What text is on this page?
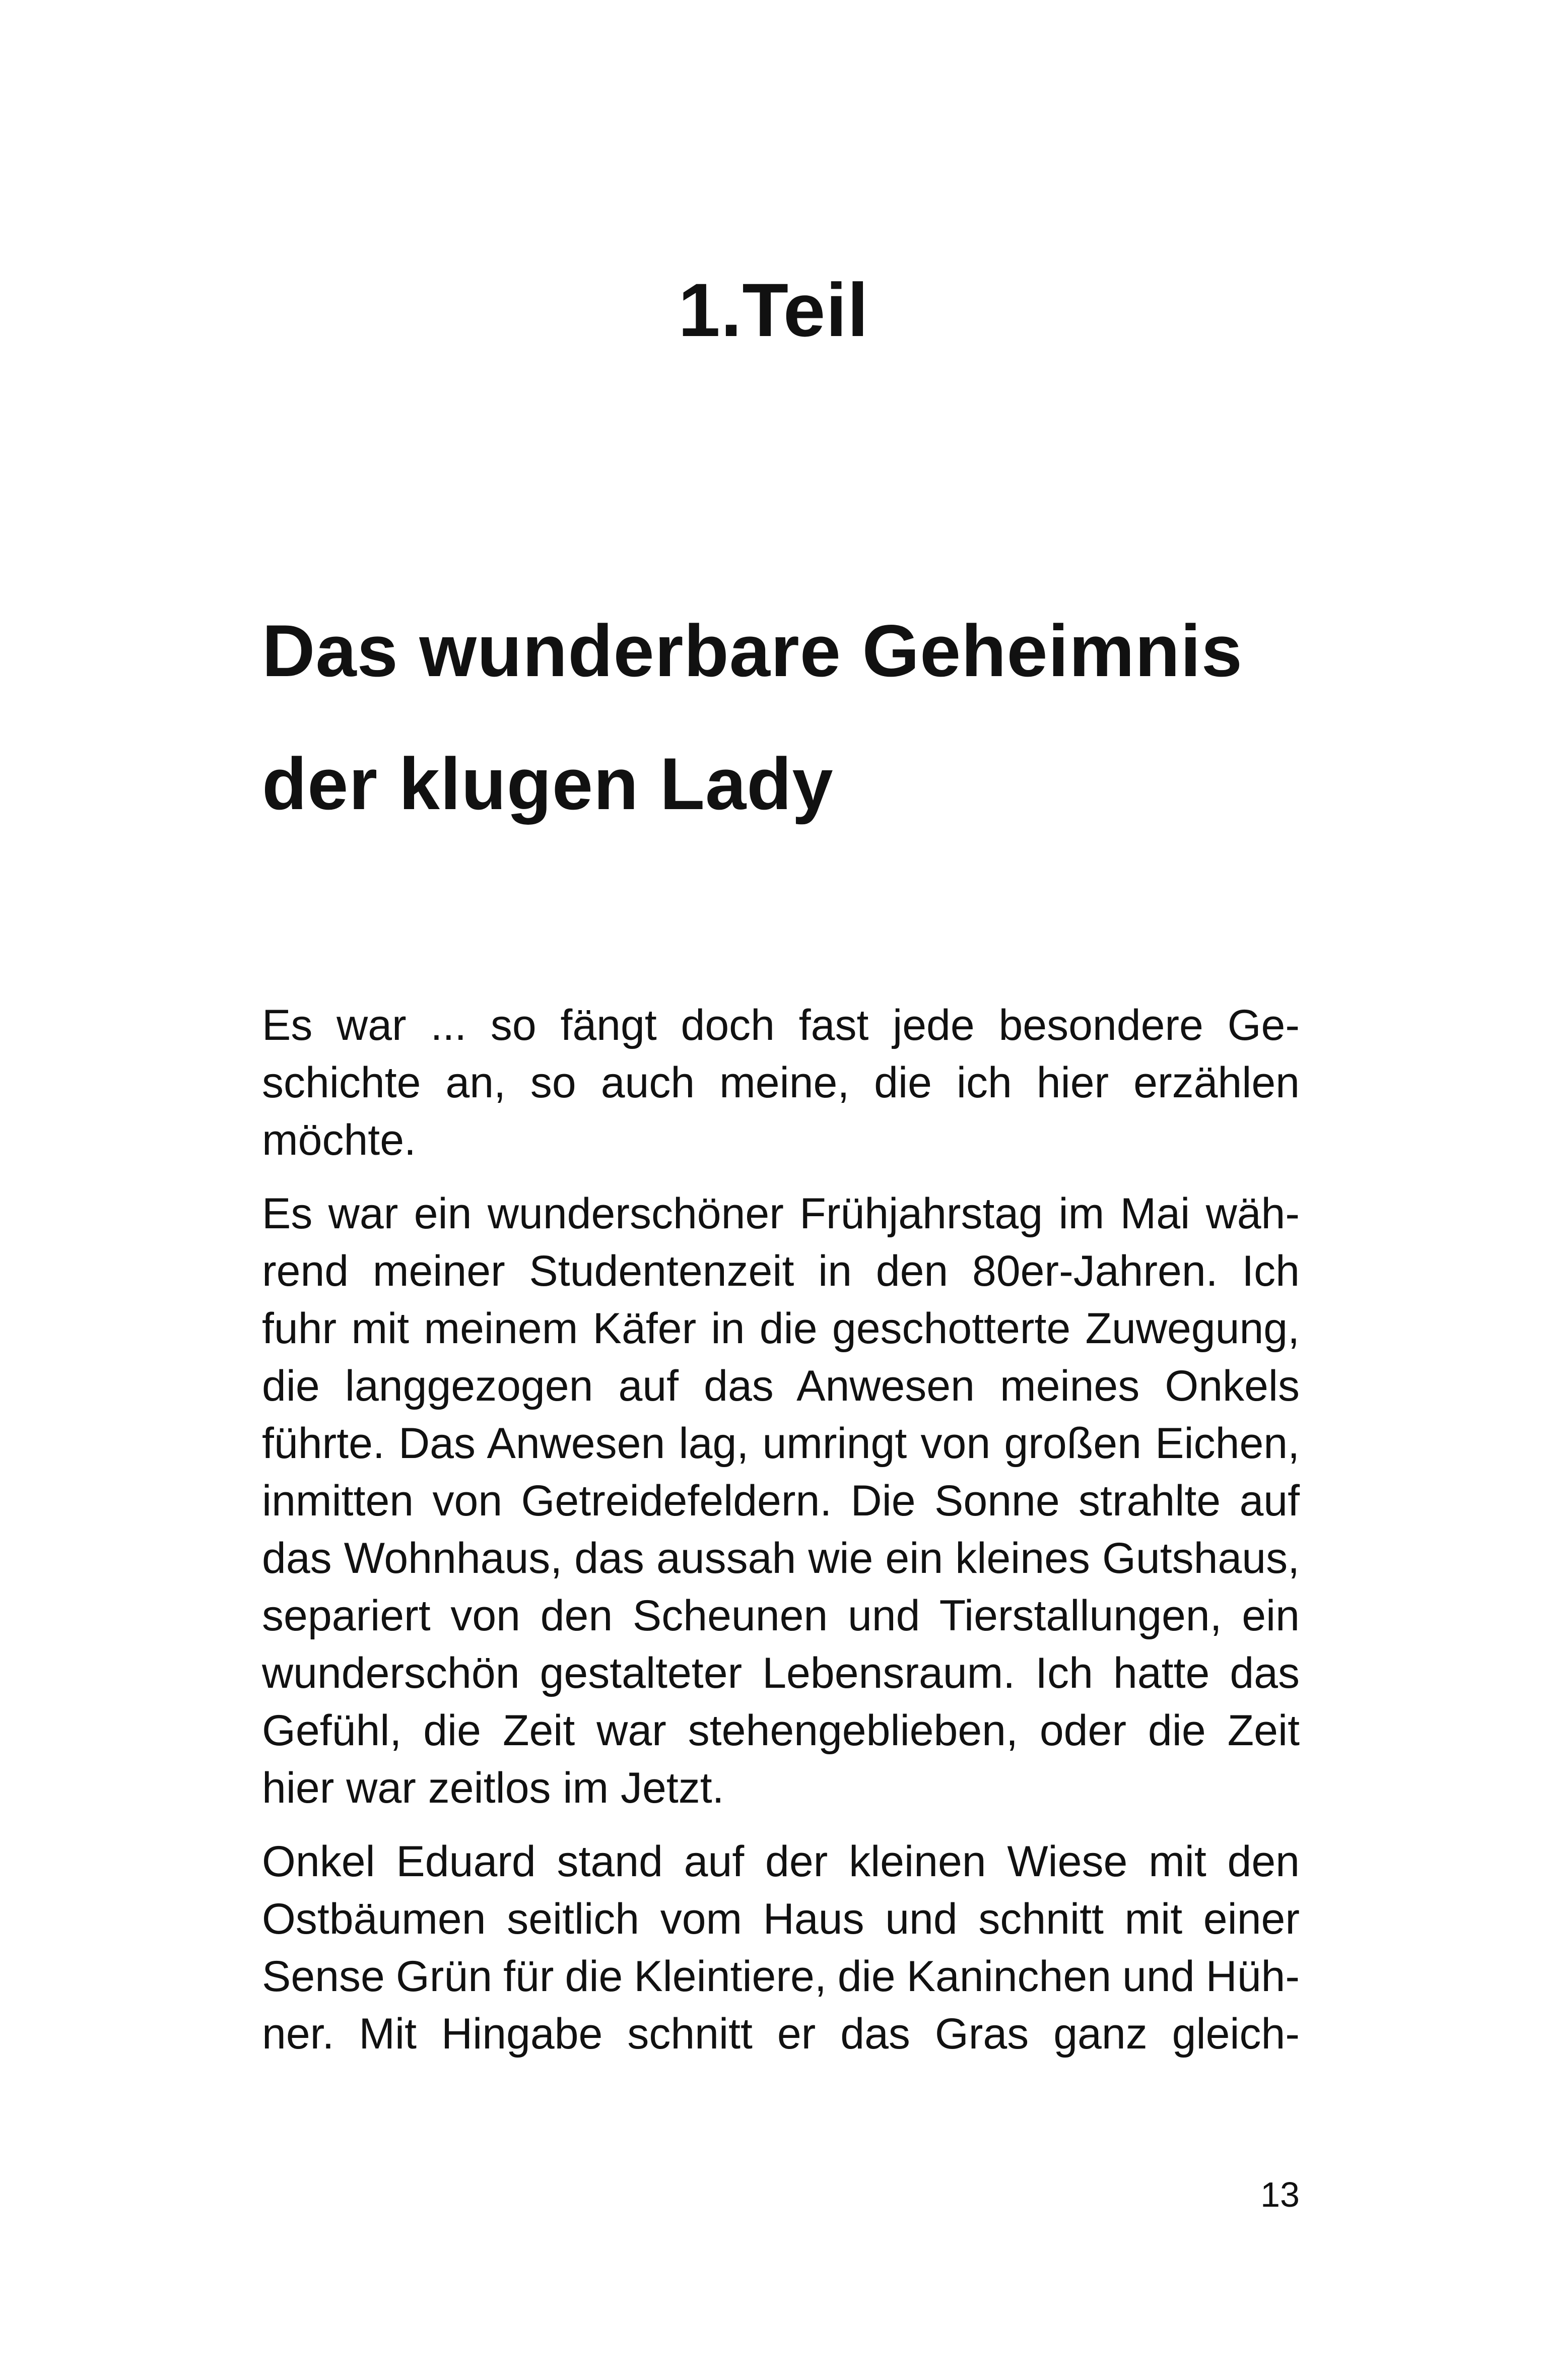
1.Teil
Das wunderbare Geheimnis
der klugen Lady

Es war ... so fängt doch fast jede besondere Ge-
schichte an, so auch meine, die ich hier erzählen
möchte.

Es war ein wunderschöner Frühjahrstag im Mai wäh-
rend meiner Studentenzeit in den 80er-Jahren. Ich
fuhr mit meinem Käfer in die geschotterte Zuwegung,
die langgezogen auf das Anwesen meines Onkels
führte. Das Anwesen lag, umringt von großen Eichen,
inmitten von Getreidefeldern. Die Sonne strahlte auf
das Wohnhaus, das aussah wie ein kleines Gutshaus,
separiert von den Scheunen und Tierstallungen, ein
wunderschön gestalteter Lebensraum. Ich hatte das
Gefühl, die Zeit war stehengeblieben, oder die Zeit
hier war zeitlos im Jetzt.

Onkel Eduard stand auf der kleinen Wiese mit den
Ostbäumen seitlich vom Haus und schnitt mit einer
Sense Grün für die Kleintiere, die Kaninchen und Hüh-
ner. Mit Hingabe schnitt er das Gras ganz gleich-

13
